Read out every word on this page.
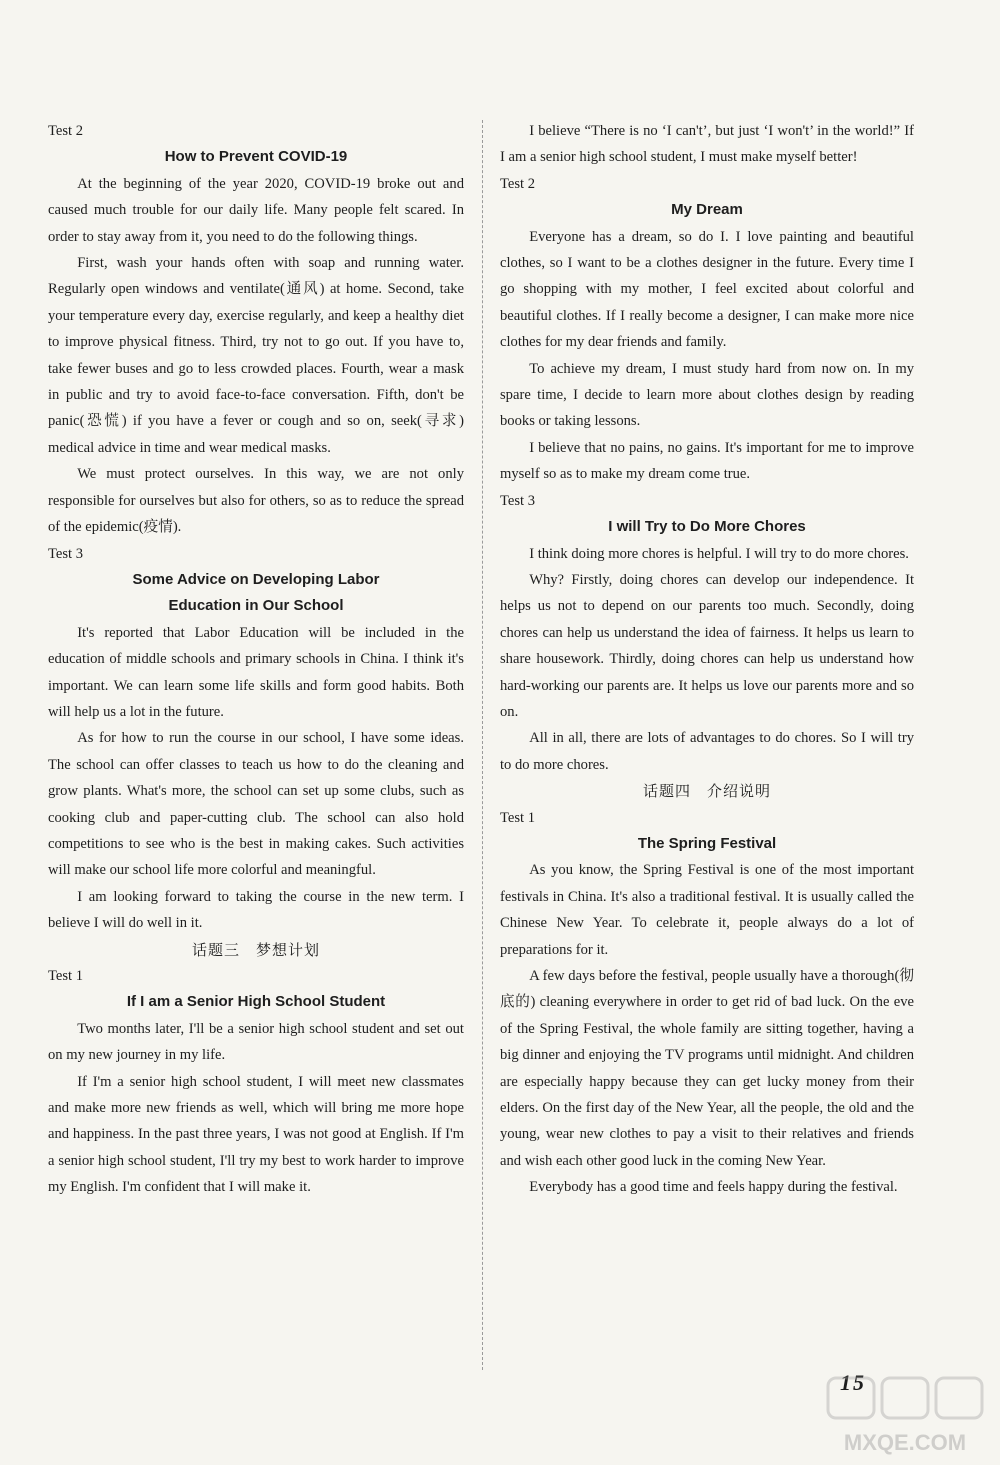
Test 2

How to Prevent COVID-19

At the beginning of the year 2020, COVID-19 broke out and caused much trouble for our daily life. Many people felt scared. In order to stay away from it, you need to do the following things.

First, wash your hands often with soap and running water. Regularly open windows and ventilate(通风) at home. Second, take your temperature every day, exercise regularly, and keep a healthy diet to improve physical fitness. Third, try not to go out. If you have to, take fewer buses and go to less crowded places. Fourth, wear a mask in public and try to avoid face-to-face conversation. Fifth, don't be panic(恐慌) if you have a fever or cough and so on, seek(寻求) medical advice in time and wear medical masks.

We must protect ourselves. In this way, we are not only responsible for ourselves but also for others, so as to reduce the spread of the epidemic(疫情).

Test 3

Some Advice on Developing Labor

Education in Our School

It's reported that Labor Education will be included in the education of middle schools and primary schools in China. I think it's important. We can learn some life skills and form good habits. Both will help us a lot in the future.

As for how to run the course in our school, I have some ideas. The school can offer classes to teach us how to do the cleaning and grow plants. What's more, the school can set up some clubs, such as cooking club and paper-cutting club. The school can also hold competitions to see who is the best in making cakes. Such activities will make our school life more colorful and meaningful.

I am looking forward to taking the course in the new term. I believe I will do well in it.

话题三　梦想计划

Test 1

If I am a Senior High School Student

Two months later, I'll be a senior high school student and set out on my new journey in my life.

If I'm a senior high school student, I will meet new classmates and make more new friends as well, which will bring me more hope and happiness. In the past three years, I was not good at English. If I'm a senior high school student, I'll try my best to work harder to improve my English. I'm confident that I will make it.

I believe “There is no ‘I can't’, but just ‘I won't’ in the world!” If I am a senior high school student, I must make myself better!

Test 2

My Dream

Everyone has a dream, so do I. I love painting and beautiful clothes, so I want to be a clothes designer in the future. Every time I go shopping with my mother, I feel excited about colorful and beautiful clothes. If I really become a designer, I can make more nice clothes for my dear friends and family.

To achieve my dream, I must study hard from now on. In my spare time, I decide to learn more about clothes design by reading books or taking lessons.

I believe that no pains, no gains. It's important for me to improve myself so as to make my dream come true.

Test 3

I will Try to Do More Chores

I think doing more chores is helpful. I will try to do more chores.

Why? Firstly, doing chores can develop our independence. It helps us not to depend on our parents too much. Secondly, doing chores can help us understand the idea of fairness. It helps us learn to share housework. Thirdly, doing chores can help us understand how hard-working our parents are. It helps us love our parents more and so on.

All in all, there are lots of advantages to do chores. So I will try to do more chores.

话题四　介绍说明

Test 1

The Spring Festival

As you know, the Spring Festival is one of the most important festivals in China. It's also a traditional festival. It is usually called the Chinese New Year. To celebrate it, people always do a lot of preparations for it.

A few days before the festival, people usually have a thorough(彻底的) cleaning everywhere in order to get rid of bad luck. On the eve of the Spring Festival, the whole family are sitting together, having a big dinner and enjoying the TV programs until midnight. And children are especially happy because they can get lucky money from their elders. On the first day of the New Year, all the people, the old and the young, wear new clothes to pay a visit to their relatives and friends and wish each other good luck in the coming New Year.

Everybody has a good time and feels happy during the festival.

15
MXQE.COM
